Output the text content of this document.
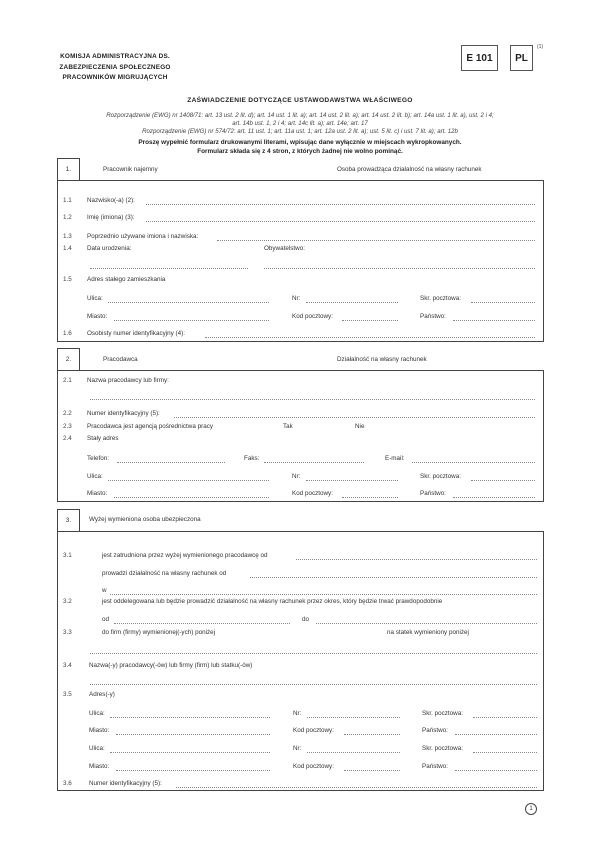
KOMISJA ADMINISTRACYJNA DS.
ZABEZPIECZENIA SPOŁECZNEGO
PRACOWNIKÓW MIGRUJĄCYCH
E 101 PL
(1)
ZAŚWIADCZENIE DOTYCZĄCE USTAWODAWSTWA WŁAŚCIWEGO
Rozporządzenie (EWG) nr 1408/71: art. 13 ust. 2 lit. d); art. 14 ust. 1 lit. a); art. 14 ust. 2 lit. a); art. 14 ust. 2 lit. b); art. 14a ust. 1 lit. a), ust. 2 i 4;
art. 14b ust. 1, 2 i 4; art. 14c lit. a); art. 14e; art. 17
Rozporządzenie (EWG) nr 574/72: art. 11 ust. 1; art. 11a ust. 1; art. 12a ust. 2 lit. a); ust. 5 lit. c) i ust. 7 lit. a); art. 12b
Proszę wypełnić formularz drukowanymi literami, wpisując dane wyłącznie w miejscach wykropkowanych.
Formularz składa się z 4 stron, z których żadnej nie wolno pominąć.
1.	Pracownik najemny	Osoba prowadząca działalność na własny rachunek
1.1 Nazwisko(-a) (2):
1.2 Imię (imiona) (3):
1.3 Poprzednio używane imiona i nazwiska:
1.4 Data urodzenia:	Obywatelstwo:
1.5 Adres stałego zamieszkania
Ulica:	Nr:	Skr. pocztowa:
Miasto:	Kod pocztowy:	Państwo:
1.6 Osobisty numer identyfikacyjny (4):
2.	Pracodawca	Działalność na własny rachunek
2.1 Nazwa pracodawcy lub firmy:
2.2 Numer identyfikacyjny (5):
2.3 Pracodawca jest agencją pośrednictwa pracy	Tak	Nie
2.4 Stały adres
Telefon:	Faks:	E-mail:
Ulica:	Nr:	Skr. pocztowa:
Miasto:	Kod pocztowy:	Państwo:
3.	Wyżej wymieniona osoba ubezpieczona
3.1	jest zatrudniona przez wyżej wymienionego pracodawcę od
prowadzi działalność na własny rachunek od
w
3.2	jest oddelegowana lub będzie prowadzić działalność na własny rachunek przez okres, który będzie trwać prawdopodobnie
od	do
3.3	do firm (firmy) wymienionej(-ych) poniżej	na statek wymieniony poniżej
3.4	Nazwa(-y) pracodawcy(-ów) lub firmy (firm) lub statku(-ów)
3.5	Adres(-y)
Ulica:	Nr:	Skr. pocztowa:
Miasto:	Kod pocztowy:	Państwo:
Ulica:	Nr:	Skr. pocztowa:
Miasto:	Kod pocztowy:	Państwo:
3.6	Numer identyfikacyjny (5):
1
